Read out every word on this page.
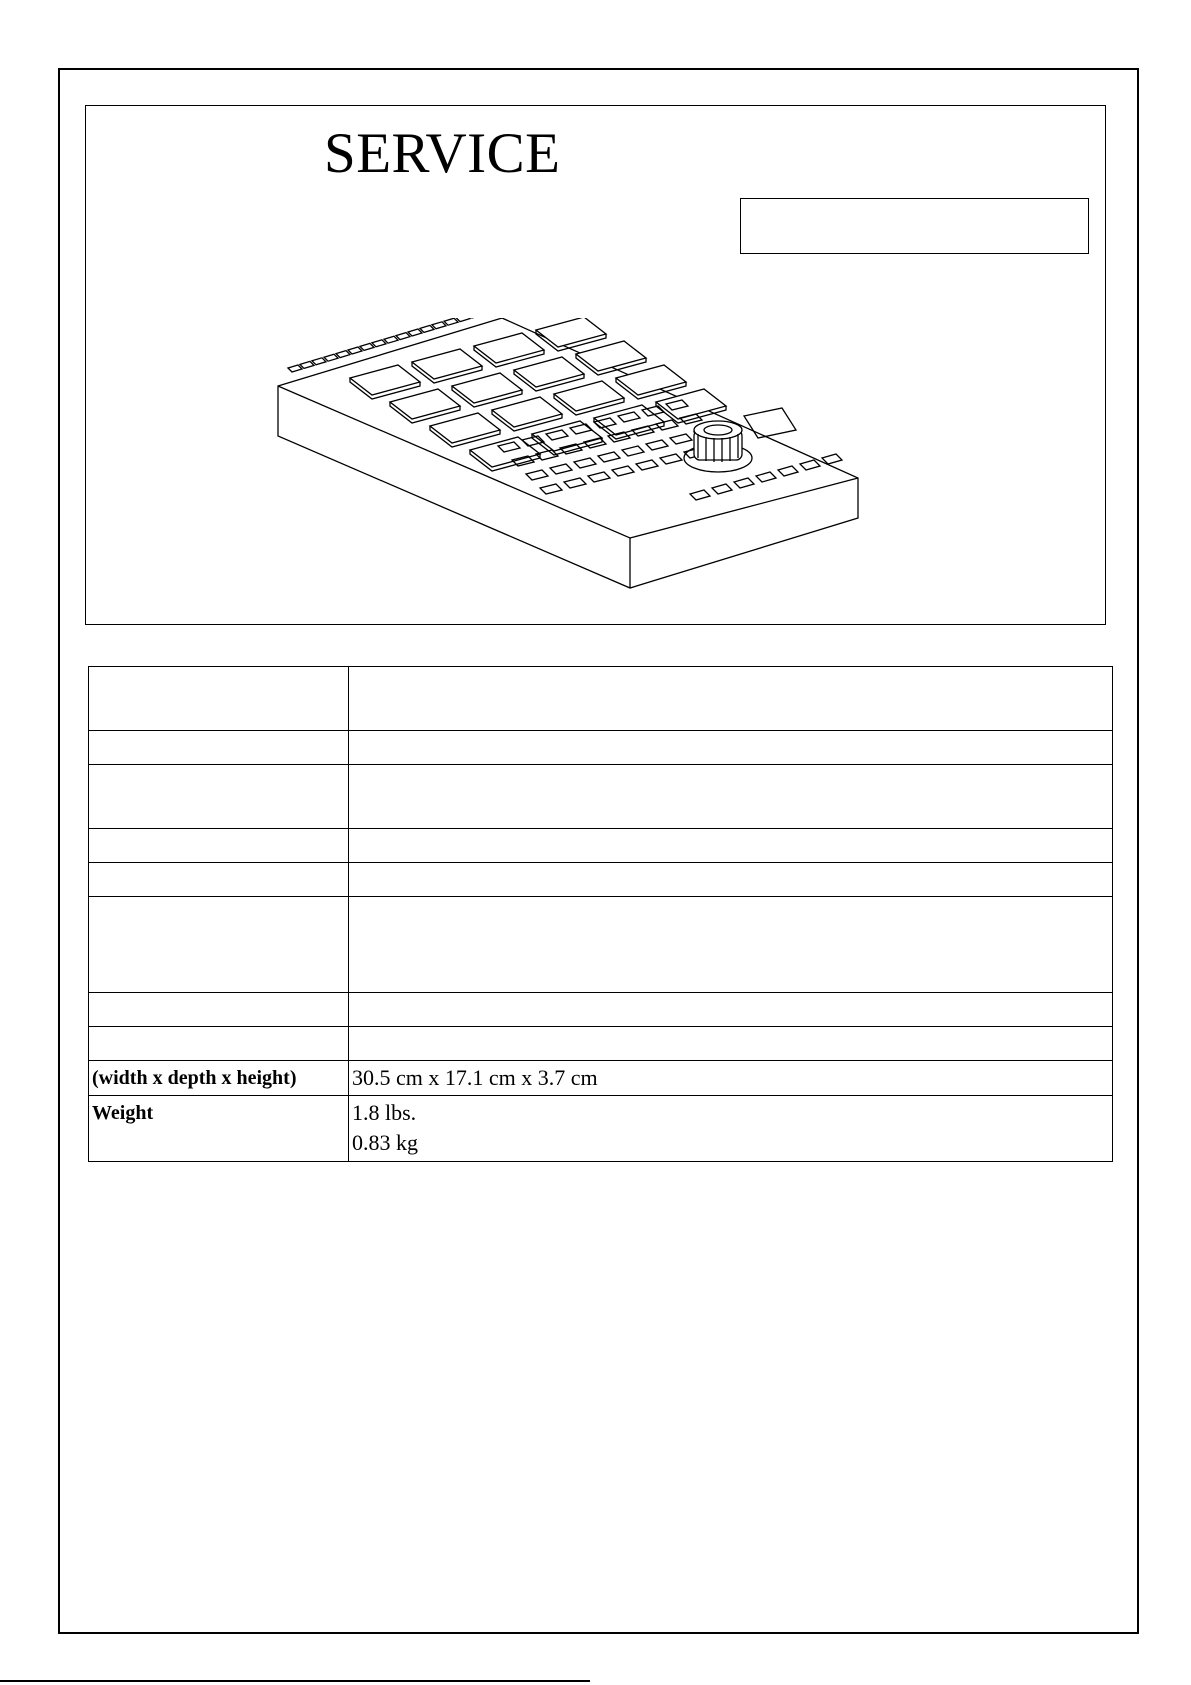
SERVICE

(width x depth x height)	30.5 cm x 17.1 cm x 3.7 cm

Weight	1.8 lbs.
0.83 kg
